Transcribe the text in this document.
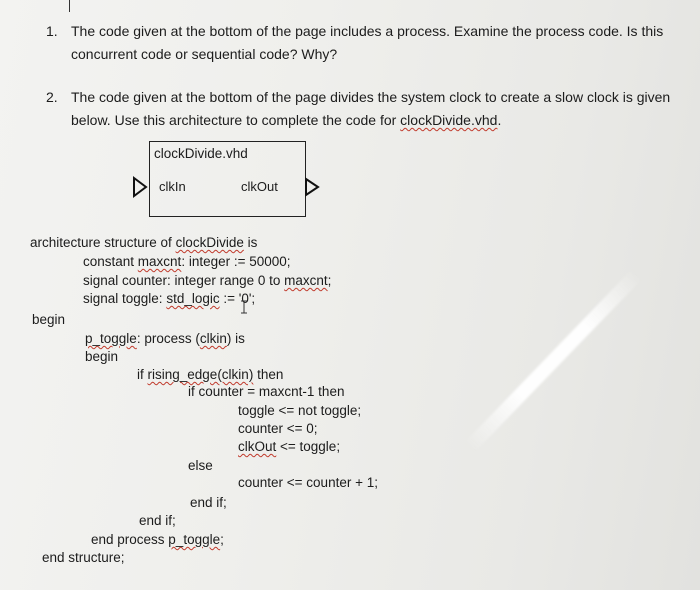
1. The code given at the bottom of the page includes a process. Examine the process code. Is this
concurrent code or sequential code? Why?
2. The code given at the bottom of the page divides the system clock to create a slow clock is given
below. Use this architecture to complete the code for clockDivide.vhd.
clockDivide.vhd
clkIn	clkOut
architecture structure of clockDivide is
constant maxcnt: integer := 50000;
signal counter: integer range 0 to maxcnt;
signal toggle: std_logic := '0';
begin
p_toggle: process (clkin) is
begin
if rising_edge(clkin) then
if counter = maxcnt-1 then
toggle <= not toggle;
counter <= 0;
clkOut <= toggle;
else
counter <= counter + 1;
end if;
end if;
end process p_toggle;
end structure;
